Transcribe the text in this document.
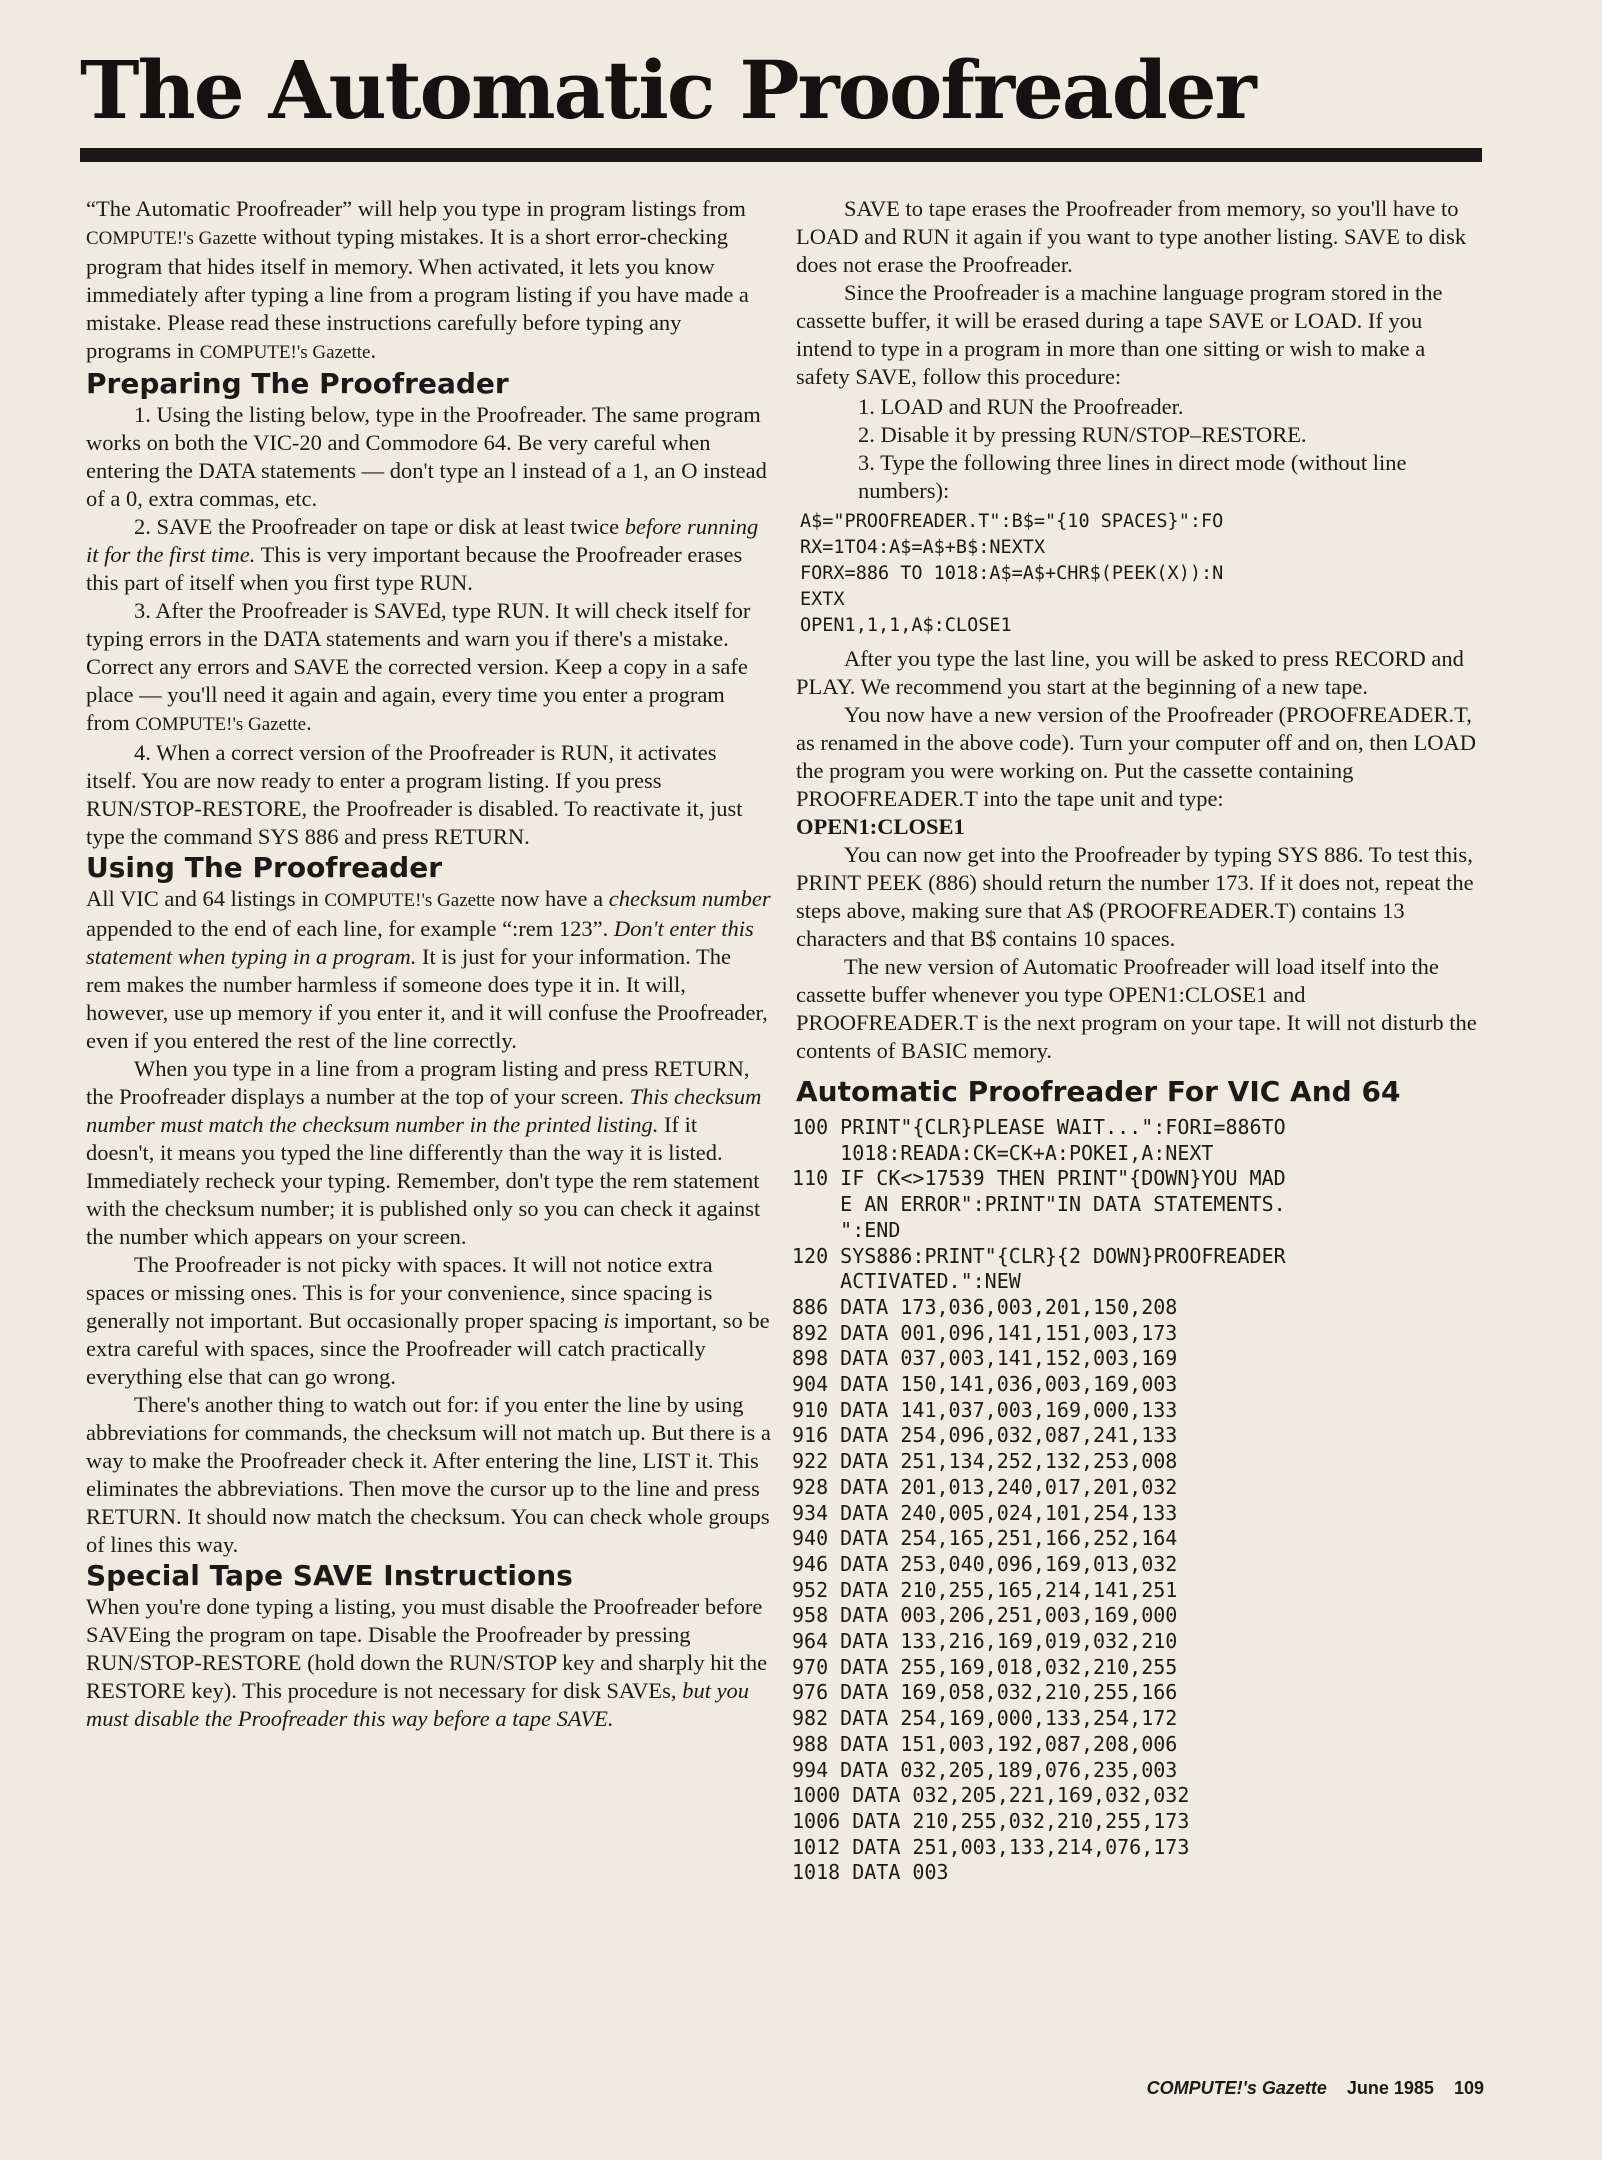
The Automatic Proofreader

“The Automatic Proofreader” will help you type in program listings from COMPUTE!'s Gazette without typing mistakes. It is a short error-checking program that hides itself in memory. When activated, it lets you know immediately after typing a line from a program listing if you have made a mistake. Please read these instructions carefully before typing any programs in COMPUTE!'s Gazette.

Preparing The Proofreader

1. Using the listing below, type in the Proofreader. The same program works on both the VIC-20 and Commodore 64. Be very careful when entering the DATA statements — don't type an l instead of a 1, an O instead of a 0, extra commas, etc.

2. SAVE the Proofreader on tape or disk at least twice before running it for the first time. This is very important because the Proofreader erases this part of itself when you first type RUN.

3. After the Proofreader is SAVEd, type RUN. It will check itself for typing errors in the DATA statements and warn you if there's a mistake. Correct any errors and SAVE the corrected version. Keep a copy in a safe place — you'll need it again and again, every time you enter a program from COMPUTE!'s Gazette.

4. When a correct version of the Proofreader is RUN, it activates itself. You are now ready to enter a program listing. If you press RUN/STOP-RESTORE, the Proofreader is disabled. To reactivate it, just type the command SYS 886 and press RETURN.

Using The Proofreader

All VIC and 64 listings in COMPUTE!'s Gazette now have a checksum number appended to the end of each line, for example “:rem 123”. Don't enter this statement when typing in a program. It is just for your information. The rem makes the number harmless if someone does type it in. It will, however, use up memory if you enter it, and it will confuse the Proofreader, even if you entered the rest of the line correctly.

When you type in a line from a program listing and press RETURN, the Proofreader displays a number at the top of your screen. This checksum number must match the checksum number in the printed listing. If it doesn't, it means you typed the line differently than the way it is listed. Immediately recheck your typing. Remember, don't type the rem statement with the checksum number; it is published only so you can check it against the number which appears on your screen.

The Proofreader is not picky with spaces. It will not notice extra spaces or missing ones. This is for your convenience, since spacing is generally not important. But occasionally proper spacing is important, so be extra careful with spaces, since the Proofreader will catch practically everything else that can go wrong.

There's another thing to watch out for: if you enter the line by using abbreviations for commands, the checksum will not match up. But there is a way to make the Proofreader check it. After entering the line, LIST it. This eliminates the abbreviations. Then move the cursor up to the line and press RETURN. It should now match the checksum. You can check whole groups of lines this way.

Special Tape SAVE Instructions

When you're done typing a listing, you must disable the Proofreader before SAVEing the program on tape. Disable the Proofreader by pressing RUN/STOP-RESTORE (hold down the RUN/STOP key and sharply hit the RESTORE key). This procedure is not necessary for disk SAVEs, but you must disable the Proofreader this way before a tape SAVE.

SAVE to tape erases the Proofreader from memory, so you'll have to LOAD and RUN it again if you want to type another listing. SAVE to disk does not erase the Proofreader.

Since the Proofreader is a machine language program stored in the cassette buffer, it will be erased during a tape SAVE or LOAD. If you intend to type in a program in more than one sitting or wish to make a safety SAVE, follow this procedure:

1. LOAD and RUN the Proofreader.
2. Disable it by pressing RUN/STOP–RESTORE.
3. Type the following three lines in direct mode (without line numbers):
A$="PROOFREADER.T":B$="{10 SPACES}":FO
RX=1TO4:A$=A$+B$:NEXTX
FORX=886 TO 1018:A$=A$+CHR$(PEEK(X)):N
EXTX
OPEN1,1,1,A$:CLOSE1

After you type the last line, you will be asked to press RECORD and PLAY. We recommend you start at the beginning of a new tape.

You now have a new version of the Proofreader (PROOFREADER.T, as renamed in the above code). Turn your computer off and on, then LOAD the program you were working on. Put the cassette containing PROOFREADER.T into the tape unit and type:

OPEN1:CLOSE1

You can now get into the Proofreader by typing SYS 886. To test this, PRINT PEEK (886) should return the number 173. If it does not, repeat the steps above, making sure that A$ (PROOFREADER.T) contains 13 characters and that B$ contains 10 spaces.

The new version of Automatic Proofreader will load itself into the cassette buffer whenever you type OPEN1:CLOSE1 and PROOFREADER.T is the next program on your tape. It will not disturb the contents of BASIC memory.

Automatic Proofreader For VIC And 64
100 PRINT"{CLR}PLEASE WAIT...":FORI=886TO
1018:READA:CK=CK+A:POKEI,A:NEXT
110 IF CK<>17539 THEN PRINT"{DOWN}YOU MAD
E AN ERROR":PRINT"IN DATA STATEMENTS.
":END
120 SYS886:PRINT"{CLR}{2 DOWN}PROOFREADER
ACTIVATED.":NEW
886 DATA 173,036,003,201,150,208
892 DATA 001,096,141,151,003,173
898 DATA 037,003,141,152,003,169
904 DATA 150,141,036,003,169,003
910 DATA 141,037,003,169,000,133
916 DATA 254,096,032,087,241,133
922 DATA 251,134,252,132,253,008
928 DATA 201,013,240,017,201,032
934 DATA 240,005,024,101,254,133
940 DATA 254,165,251,166,252,164
946 DATA 253,040,096,169,013,032
952 DATA 210,255,165,214,141,251
958 DATA 003,206,251,003,169,000
964 DATA 133,216,169,019,032,210
970 DATA 255,169,018,032,210,255
976 DATA 169,058,032,210,255,166
982 DATA 254,169,000,133,254,172
988 DATA 151,003,192,087,208,006
994 DATA 032,205,189,076,235,003
1000 DATA 032,205,221,169,032,032
1006 DATA 210,255,032,210,255,173
1012 DATA 251,003,133,214,076,173
1018 DATA 003
COMPUTE!'s Gazette June 1985 109
